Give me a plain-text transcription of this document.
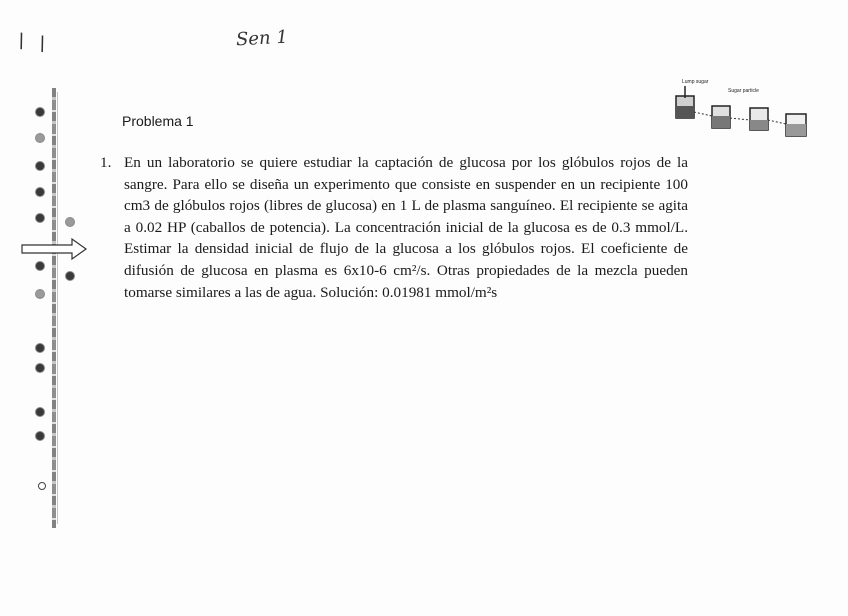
\ \	Sen 1
Lump sugar
Sugar particle
Problema 1
1. En un laboratorio se quiere estudiar la captación de glucosa por los glóbulos rojos de la sangre. Para ello se diseña un experimento que consiste en suspender en un recipiente 100 cm3 de glóbulos rojos (libres de glucosa) en 1 L de plasma sanguíneo. El recipiente se agita a 0.02 HP (caballos de potencia). La concentración inicial de la glucosa es de 0.3 mmol/L. Estimar la densidad inicial de flujo de la glucosa a los glóbulos rojos. El coeficiente de difusión de glucosa en plasma es 6x10-6 cm²/s. Otras propiedades de la mezcla pueden tomarse similares a las de agua. Solución: 0.01981 mmol/m²s
